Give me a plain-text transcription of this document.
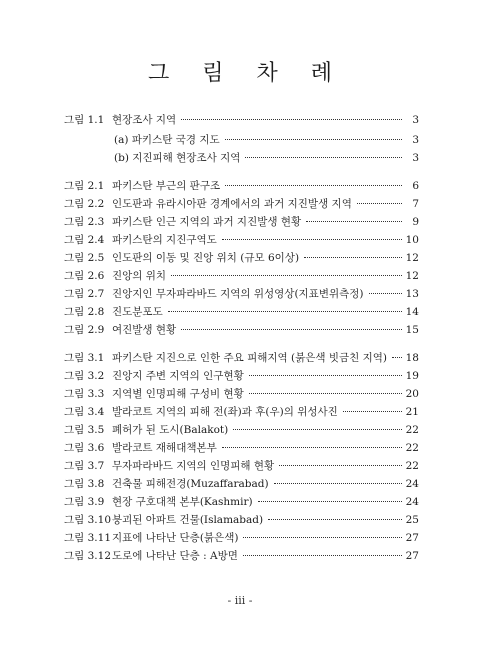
그 림 차 례
그림 1.1 현장조사 지역	3
(a) 파키스탄 국경 지도	3
(b) 지진피해 현장조사 지역	3
그림 2.1 파키스탄 부근의 판구조	6
그림 2.2 인도판과 유라시아판 경계에서의 과거 지진발생 지역	7
그림 2.3 파키스탄 인근 지역의 과거 지진발생 현황	9
그림 2.4 파키스탄의 지진구역도	10
그림 2.5 인도판의 이동 및 진앙 위치 (규모 6이상)	12
그림 2.6 진앙의 위치	12
그림 2.7 진앙지인 무자파라바드 지역의 위성영상(지표변위측정)	13
그림 2.8 진도분포도	14
그림 2.9 여진발생 현황	15
그림 3.1 파키스탄 지진으로 인한 주요 피해지역 (붉은색 빗금친 지역) 18
그림 3.2 진앙지 주변 지역의 인구현황	19
그림 3.3 지역별 인명피해 구성비 현황	20
그림 3.4 발라코트 지역의 피해 전(좌)과 후(우)의 위성사진	21
그림 3.5 폐허가 된 도시(Balakot)	22
그림 3.6 발라코트 재해대책본부	22
그림 3.7 무자파라바드 지역의 인명피해 현황	22
그림 3.8 건축물 피해전경(Muzaffarabad)	24
그림 3.9 현장 구호대책 본부(Kashmir)	24
그림 3.10 붕괴된 아파트 건물(Islamabad)	25
그림 3.11 지표에 나타난 단층(붉은색)	27
그림 3.12 도로에 나타난 단층 : A방면	27
- iii -
